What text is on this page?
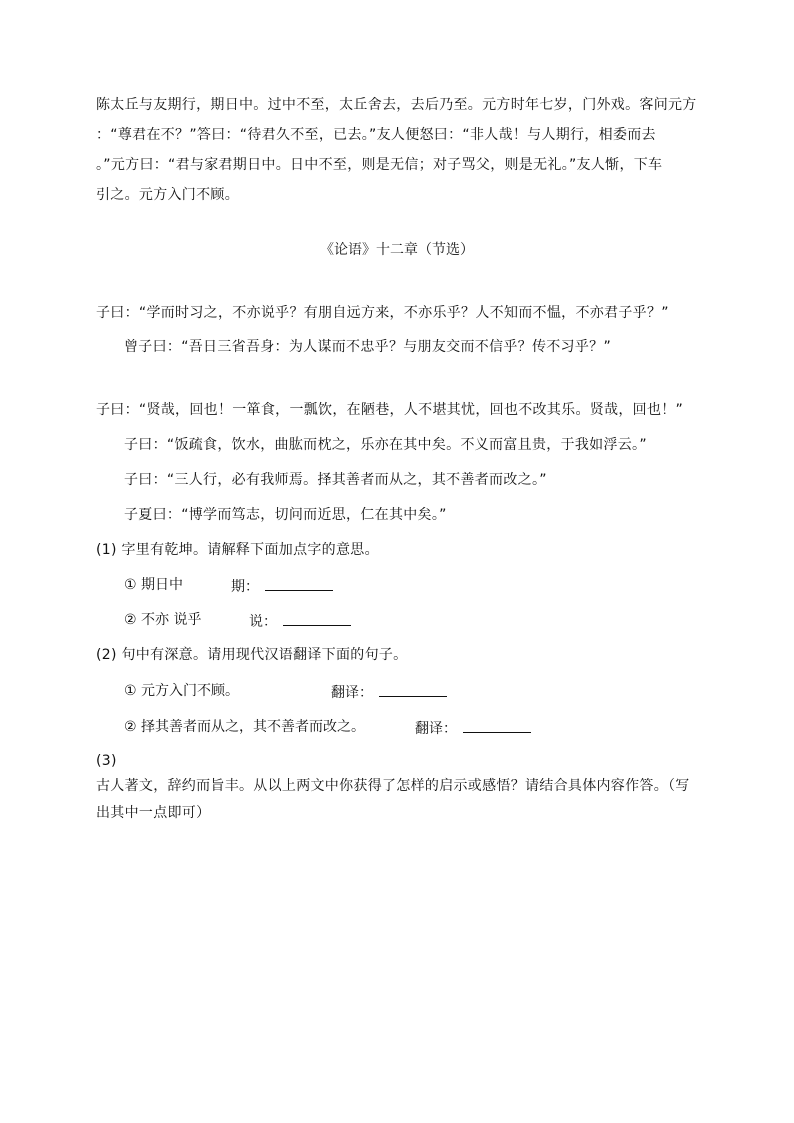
陈太丘与友期行，期日中。过中不至，太丘舍去，去后乃至。元方时年七岁，门外戏。客问元方
：“尊君在不？”答曰：“待君久不至，已去。”友人便怒曰：“非人哉！与人期行，相委而去
。”元方曰：“君与家君期日中。日中不至，则是无信；对子骂父，则是无礼。”友人惭，下车
引之。元方入门不顾。
《论语》十二章（节选）
子曰：“学而时习之，不亦说乎？有朋自远方来，不亦乐乎？人不知而不愠，不亦君子乎？”
曾子曰：“吾日三省吾身：为人谋而不忠乎？与朋友交而不信乎？传不习乎？”
子曰：“贤哉，回也！一箪食，一瓢饮，在陋巷，人不堪其忧，回也不改其乐。贤哉，回也！”
子曰：“饭疏食，饮水，曲肱而枕之，乐亦在其中矣。不义而富且贵，于我如浮云。”
子曰：“三人行，必有我师焉。择其善者而从之，其不善者而改之。”
子夏曰：“博学而笃志，切问而近思，仁在其中矣。”
(1) 字里有乾坤。请解释下面加点字的意思。
① 期日中	期：
② 不亦 说乎	说：
(2) 句中有深意。请用现代汉语翻译下面的句子。
① 元方入门不顾。	翻译：
② 择其善者而从之，其不善者而改之。	翻译：
(3)
古人著文，辞约而旨丰。从以上两文中你获得了怎样的启示或感悟？请结合具体内容作答。（写
出其中一点即可）
